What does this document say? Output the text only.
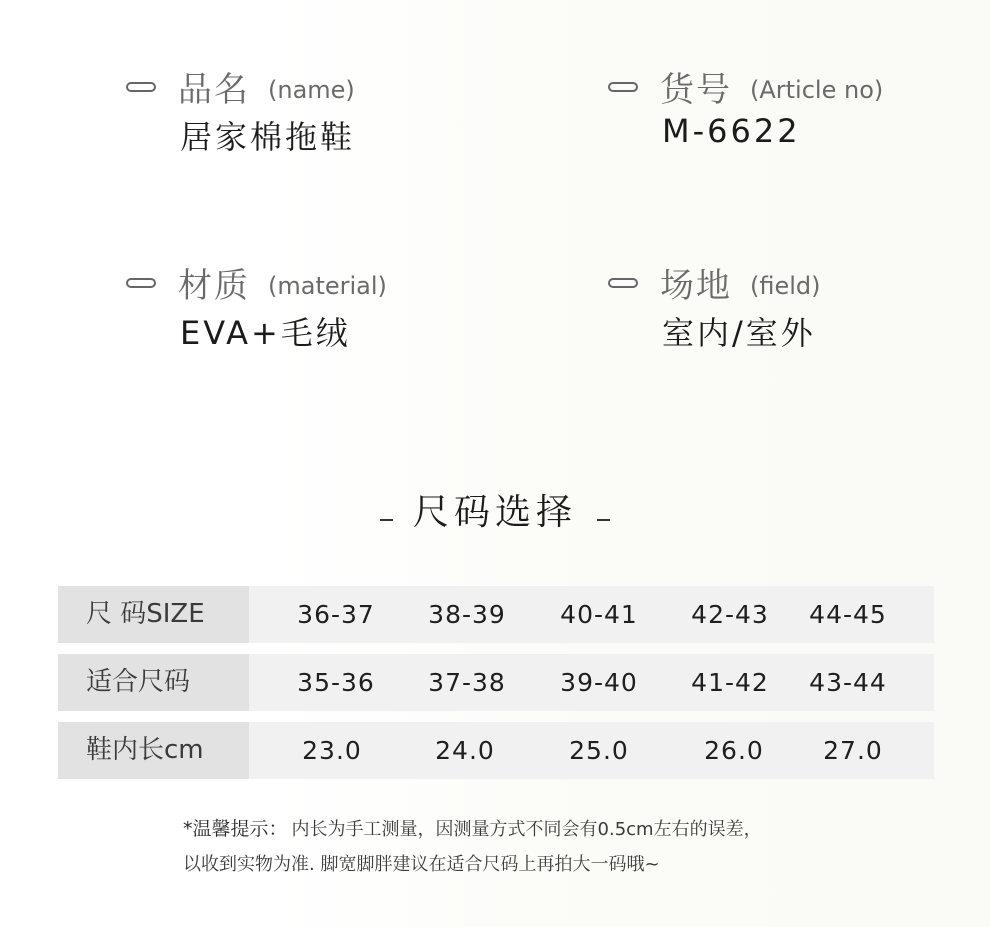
品名 (name)
居家棉拖鞋
货号 (Article no)
M-6622
材质 (material)
EVA+毛绒
场地 (field)
室内/室外
尺码选择
尺 码SIZE	36-37	38-39	40-41	42-43	44-45
适合尺码	35-36	37-38	39-40	41-42	43-44
鞋内长cm	23.0	24.0	25.0	26.0	27.0
*温馨提示： 内长为手工测量，因测量方式不同会有0.5cm左右的误差，
以收到实物为准. 脚宽脚胖建议在适合尺码上再拍大一码哦~
